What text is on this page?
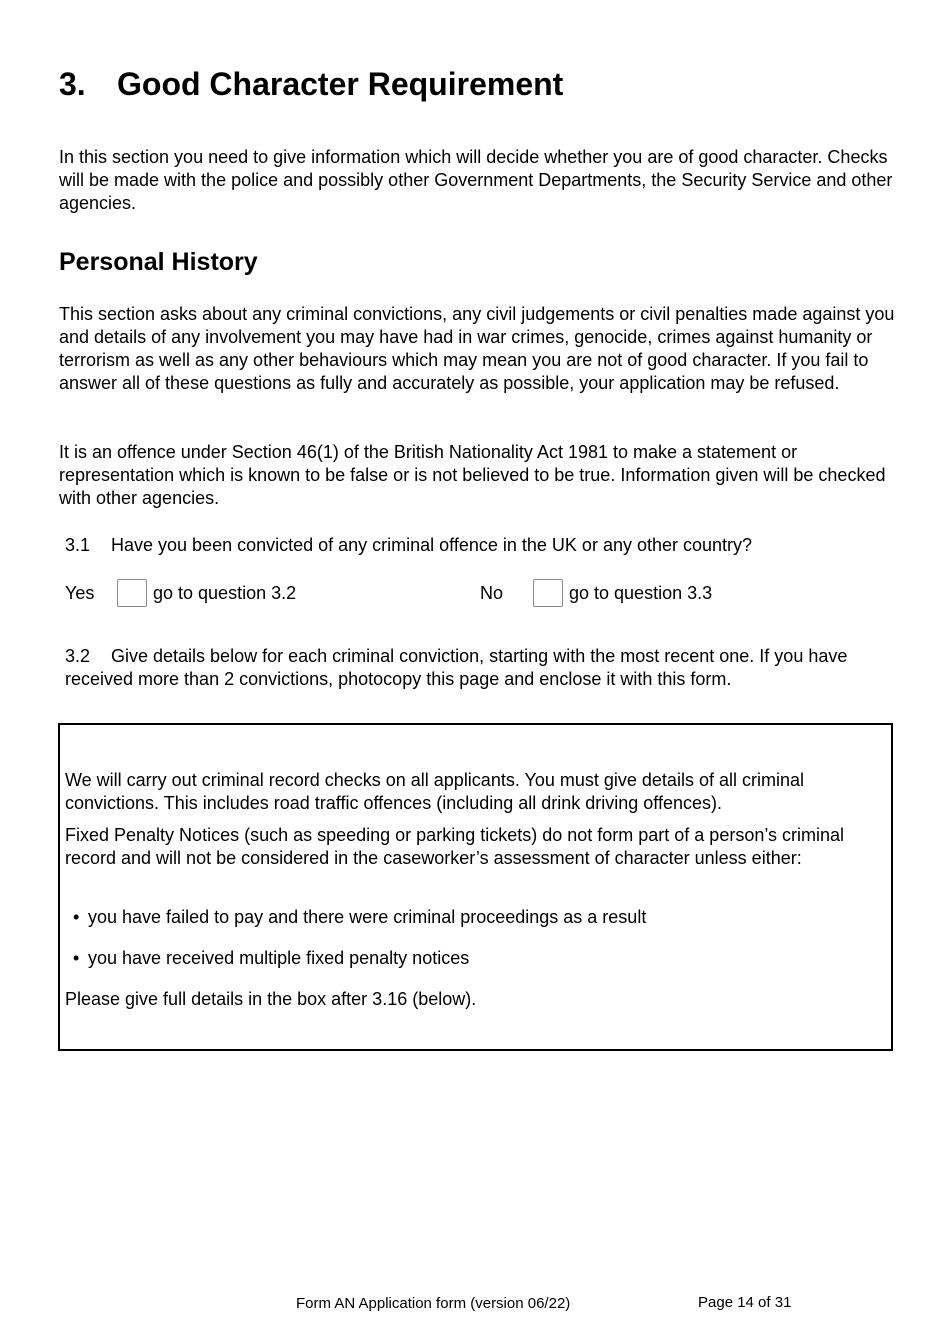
3. Good Character Requirement

In this section you need to give information which will decide whether you are of good character. Checks will be made with the police and possibly other Government Departments, the Security Service and other agencies.

Personal History

This section asks about any criminal convictions, any civil judgements or civil penalties made against you and details of any involvement you may have had in war crimes, genocide, crimes against humanity or terrorism as well as any other behaviours which may mean you are not of good character. If you fail to answer all of these questions as fully and accurately as possible, your application may be refused.

It is an offence under Section 46(1) of the British Nationality Act 1981 to make a statement or representation which is known to be false or is not believed to be true. Information given will be checked with other agencies.

3.1 Have you been convicted of any criminal offence in the UK or any other country?

Yes	go to question 3.2	No	go to question 3.3

3.2 Give details below for each criminal conviction, starting with the most recent one. If you have received more than 2 convictions, photocopy this page and enclose it with this form.

We will carry out criminal record checks on all applicants. You must give details of all criminal convictions. This includes road traffic offences (including all drink driving offences).

Fixed Penalty Notices (such as speeding or parking tickets) do not form part of a person’s criminal record and will not be considered in the caseworker’s assessment of character unless either:

• you have failed to pay and there were criminal proceedings as a result

• you have received multiple fixed penalty notices

Please give full details in the box after 3.16 (below).

Form AN Application form (version 06/22)	Page 14 of 31
